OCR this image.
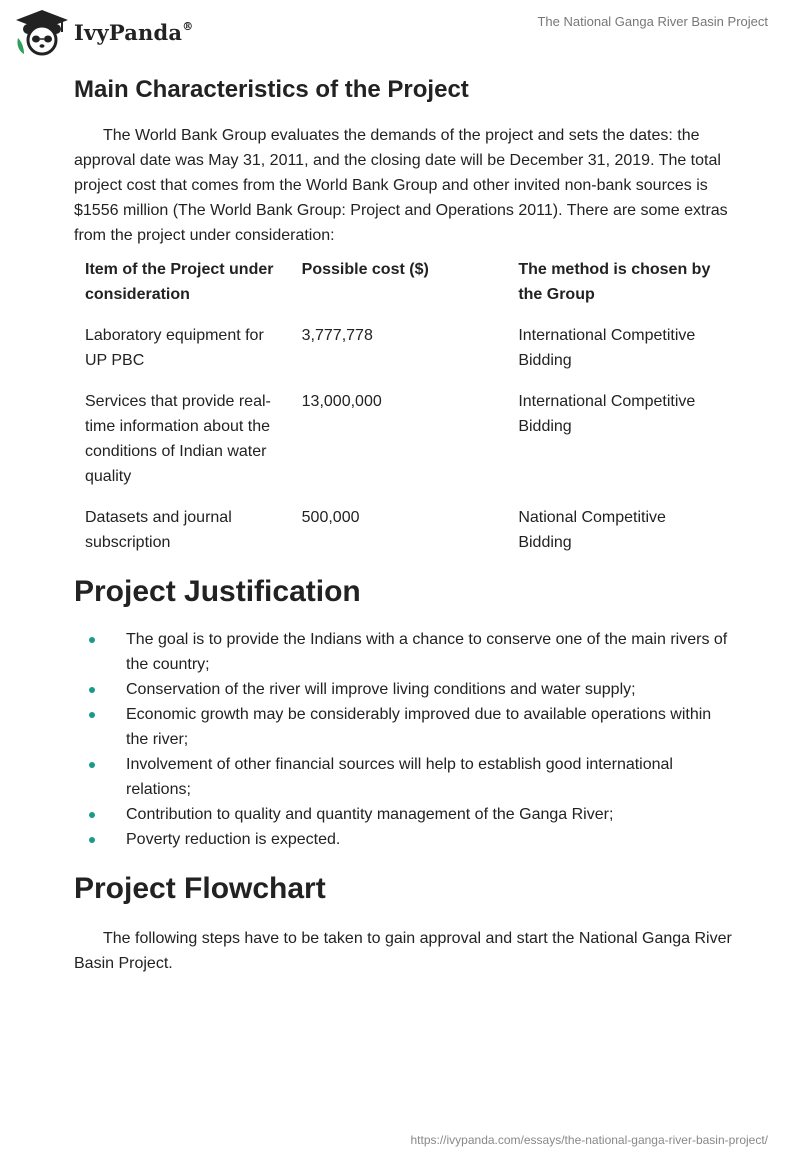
IvyPanda®	The National Ganga River Basin Project
Main Characteristics of the Project

The World Bank Group evaluates the demands of the project and sets the dates: the approval date was May 31, 2011, and the closing date will be December 31, 2019. The total project cost that comes from the World Bank Group and other invited non-bank sources is $1556 million (The World Bank Group: Project and Operations 2011). There are some extras from the project under consideration:

Item of the Project under consideration	Possible cost ($)	The method is chosen by the Group
Laboratory equipment for UP PBC	3,777,778	International Competitive Bidding
Services that provide real-time information about the conditions of Indian water quality	13,000,000	International Competitive Bidding
Datasets and journal subscription	500,000	National Competitive Bidding
Project Justification
The goal is to provide the Indians with a chance to conserve one of the main rivers of the country;
Conservation of the river will improve living conditions and water supply;
Economic growth may be considerably improved due to available operations within the river;
Involvement of other financial sources will help to establish good international relations;
Contribution to quality and quantity management of the Ganga River;
Poverty reduction is expected.
Project Flowchart

The following steps have to be taken to gain approval and start the National Ganga River Basin Project.

https://ivypanda.com/essays/the-national-ganga-river-basin-project/
